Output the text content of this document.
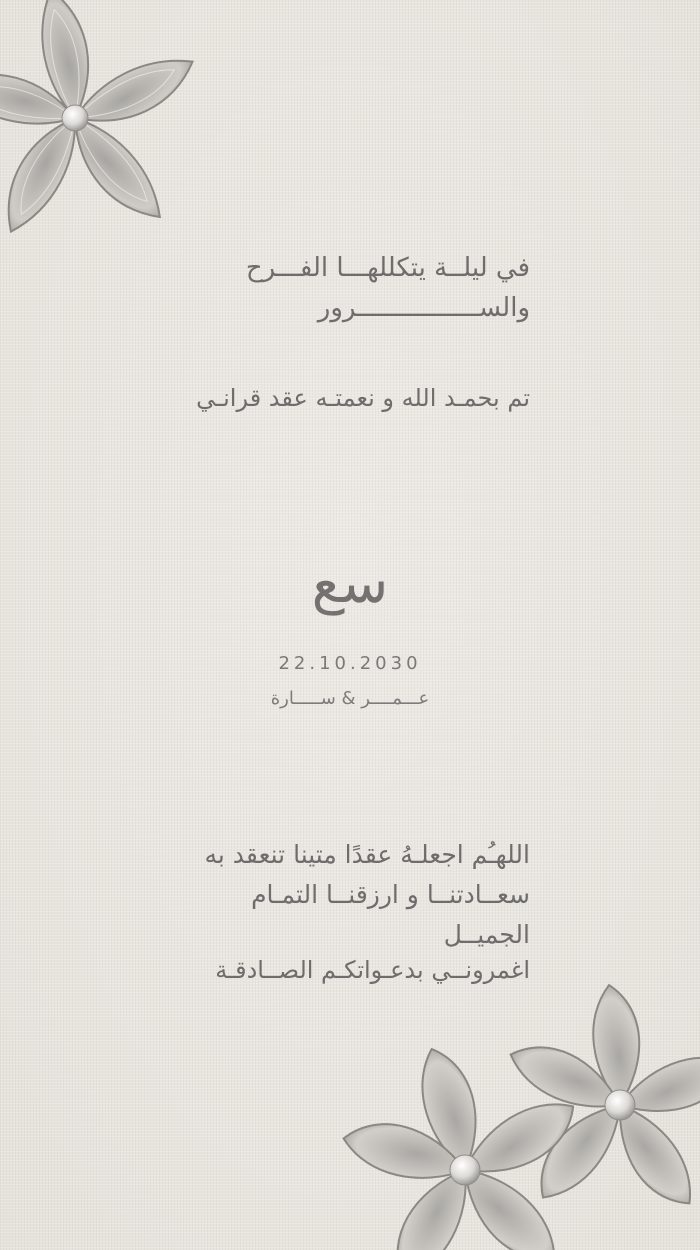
في ليلــة يتكللهـــا الفـــرح
والســــــــــــــــرور
تم بحمـد الله و نعمتـه عقد قرانـي
سع
22.10.2030
عـــمــــر & ســـــارة
اللهـُم اجعلـهُ عقدًا متينا تنعقد به
سعــادتنــا و ارزقنــا التمـام الجميــل
اغمرونــي بدعـواتكـم الصــادقـة
